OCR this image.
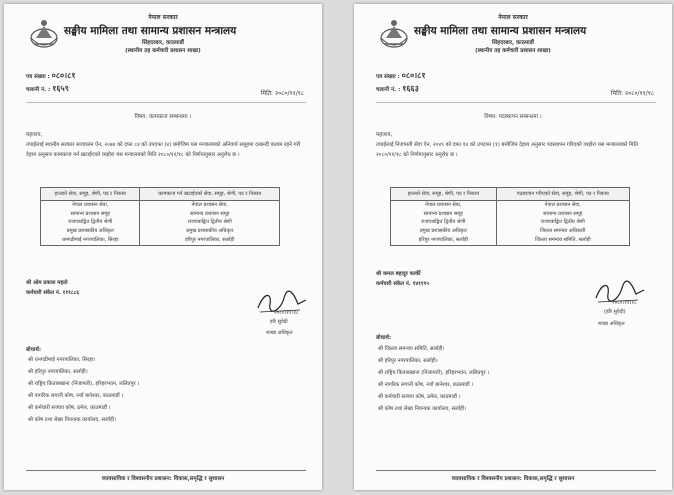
नेपाल सरकार
सङ्घीय मामिला तथा सामान्य प्रशासन मन्त्रालय
सिंहदरबार, काठमाडौं
(स्थानीय तह कर्मचारी प्रशासन शाखा)
पत्र संख्या : ०८०।८१
चलानी नं. : १६५९
मिति: २०८०/११/१८
विषय: कामकाज सम्बन्धमा ।
महाशय,
तपाईलाई स्थानीय सरकार सञ्चालन ऐन, २०७४ को दफा ८४ को उपदफा (४) बमोजिम यस मन्त्रालयको अनिवार्य समूहमा दरबन्दी कायम रहने गरी देहाय अनुसार कामकाज गर्न खटाईएको व्यहोरा यस मन्त्रालयको मिति २०८०/११/१८ को निर्णयानुसार अनुरोध छ ।
हालको सेवा, समूह, श्रेणी, पद र निकाय	कामकाज गर्न खटाईएको सेवा, समूह, श्रेणी, पद र निकाय
नेपाल प्रशासन सेवा,	नेपाल प्रशासन सेवा,
सामान्य प्रशासन समूह	सामान्य प्रशासन समूह
राजपत्राङ्कित द्वितीय श्रेणी	राजपत्राङ्कित द्वितीय श्रेणी
प्रमुख प्रशासकीय अधिकृत	प्रमुख प्रशासकीय अधिकृत
धनगढीमाई नगरपालिका, सिरहा	हरिपुर नगरपालिका, सर्लाही
श्री ओम प्रकाश महतो
कर्मचारी संकेत नं. १११८८६
२०८०।११।१८
हरि सुवेदी
शाखा अधिकृत
बोधार्थ:
श्री धनगढीमाई नगरपालिका, सिरहा।
श्री हरिपुर नगरपालिका, सर्लाही।
श्री राष्ट्रिय किताबखाना (निजामती), हरिहरभवन, ललितपुर ।
श्री नागरिक लगानी कोष, नयाँ बानेश्वर, काठमाडौं ।
श्री कर्मचारी सञ्चय कोष, ठमेल, काठमाडौं ।
श्री कोष तथा लेखा नियन्त्रक कार्यालय, सर्लाही।
व्यावसायिक र विश्वसनीय प्रशासन: विकास,समृद्धि र सुशासन
नेपाल सरकार
सङ्घीय मामिला तथा सामान्य प्रशासन मन्त्रालय
सिंहदरबार, काठमाडौं
(स्थानीय तह कर्मचारी प्रशासन शाखा)
पत्र संख्या : ०८०।८१
चलानी नं. : १६६३
मिति: २०८०/११/१८
विषय: पदस्थापन सम्बन्धमा ।
महाशय,
तपाईलाई निजामती सेवा ऐन, २०४९ को दफा १४ को उपदफा (१) बमोजिम देहाय अनुसार पदस्थापन गरिएको व्यहोरा यस मन्त्रालयको मिति २०८०/११/१८ को निर्णयानुसार अनुरोध छ ।
हालको सेवा, समूह, श्रेणी, पद र निकाय	पदस्थापन गरिएको सेवा, समूह, श्रेणी, पद र निकाय
नेपाल प्रशासन सेवा,	नेपाल प्रशासन सेवा,
सामान्य प्रशासन समूह	सामान्य प्रशासन समूह
राजपत्राङ्कित द्वितीय श्रेणी	राजपत्राङ्कित द्वितीय श्रेणी
प्रमुख प्रशासकीय अधिकृत	जिल्ला समन्वय अधिकारी
हरिपुर नगरपालिका, सर्लाही	जिल्ला समन्वय समिति, सर्लाही
श्री कमल बहादुर कार्की
कर्मचारी संकेत नं. १४१११५
२०८०।११।१८
(हरि सुवेदी)
शाखा अधिकृत
बोधार्थ:
श्री जिल्ला समन्वय समिति, सर्लाही।
श्री हरिपुर नगरपालिका, सर्लाही।
श्री राष्ट्रिय किताबखाना (निजामती), हरिहरभवन, ललितपुर ।
श्री नागरिक लगानी कोष, नयाँ बानेश्वर, काठमाडौं ।
श्री कर्मचारी सञ्चय कोष, ठमेल, काठमाडौं ।
श्री कोष तथा लेखा नियन्त्रक कार्यालय, सर्लाही।
व्यावसायिक र विश्वसनीय प्रशासन: विकास,समृद्धि र सुशासन
